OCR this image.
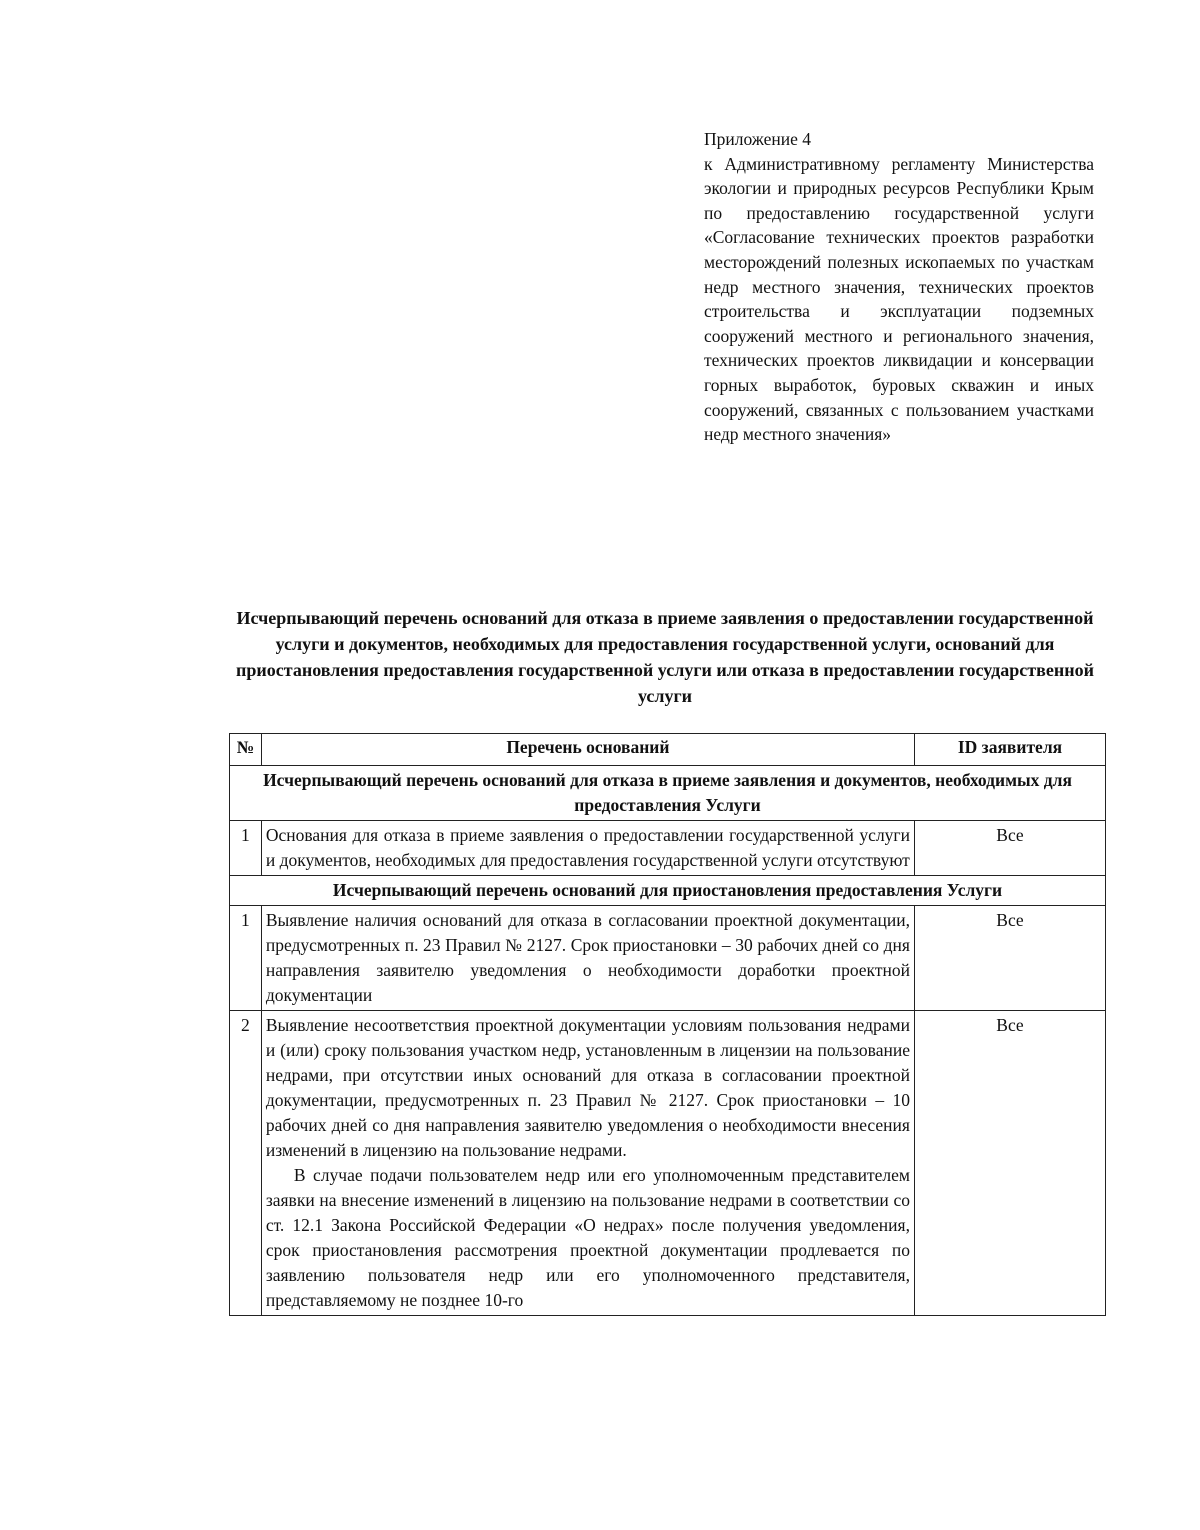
Приложение 4
к Административному регламенту Министерства экологии и природных ресурсов Республики Крым по предоставлению государственной услуги «Согласование технических проектов разработки месторождений полезных ископаемых по участкам недр местного значения, технических проектов строительства и эксплуатации подземных сооружений местного и регионального значения, технических проектов ликвидации и консервации горных выработок, буровых скважин и иных сооружений, связанных с пользованием участками недр местного значения»
Исчерпывающий перечень оснований для отказа в приеме заявления о предоставлении государственной услуги и документов, необходимых для предоставления государственной услуги, оснований для приостановления предоставления государственной услуги или отказа в предоставлении государственной услуги
№	Перечень оснований	ID заявителя
Исчерпывающий перечень оснований для отказа в приеме заявления и документов, необходимых для предоставления Услуги		
1	Основания для отказа в приеме заявления о предоставлении государственной услуги и документов, необходимых для предоставления государственной услуги отсутствуют	Все
Исчерпывающий перечень оснований для приостановления предоставления Услуги		
1	Выявление наличия оснований для отказа в согласовании проектной документации, предусмотренных п. 23 Правил № 2127. Срок приостановки – 30 рабочих дней со дня направления заявителю уведомления о необходимости доработки проектной документации	Все
2	Выявление несоответствия проектной документации условиям пользования недрами и (или) сроку пользования участком недр, установленным в лицензии на пользование недрами, при отсутствии иных оснований для отказа в согласовании проектной документации, предусмотренных п. 23 Правил № 2127. Срок приостановки – 10 рабочих дней со дня направления заявителю уведомления о необходимости внесения изменений в лицензию на пользование недрами.
В случае подачи пользователем недр или его уполномоченным представителем заявки на внесение изменений в лицензию на пользование недрами в соответствии со ст. 12.1 Закона Российской Федерации «О недрах» после получения уведомления, срок приостановления рассмотрения проектной документации продлевается по заявлению пользователя недр или его уполномоченного представителя, представляемому не позднее 10-го	Все
